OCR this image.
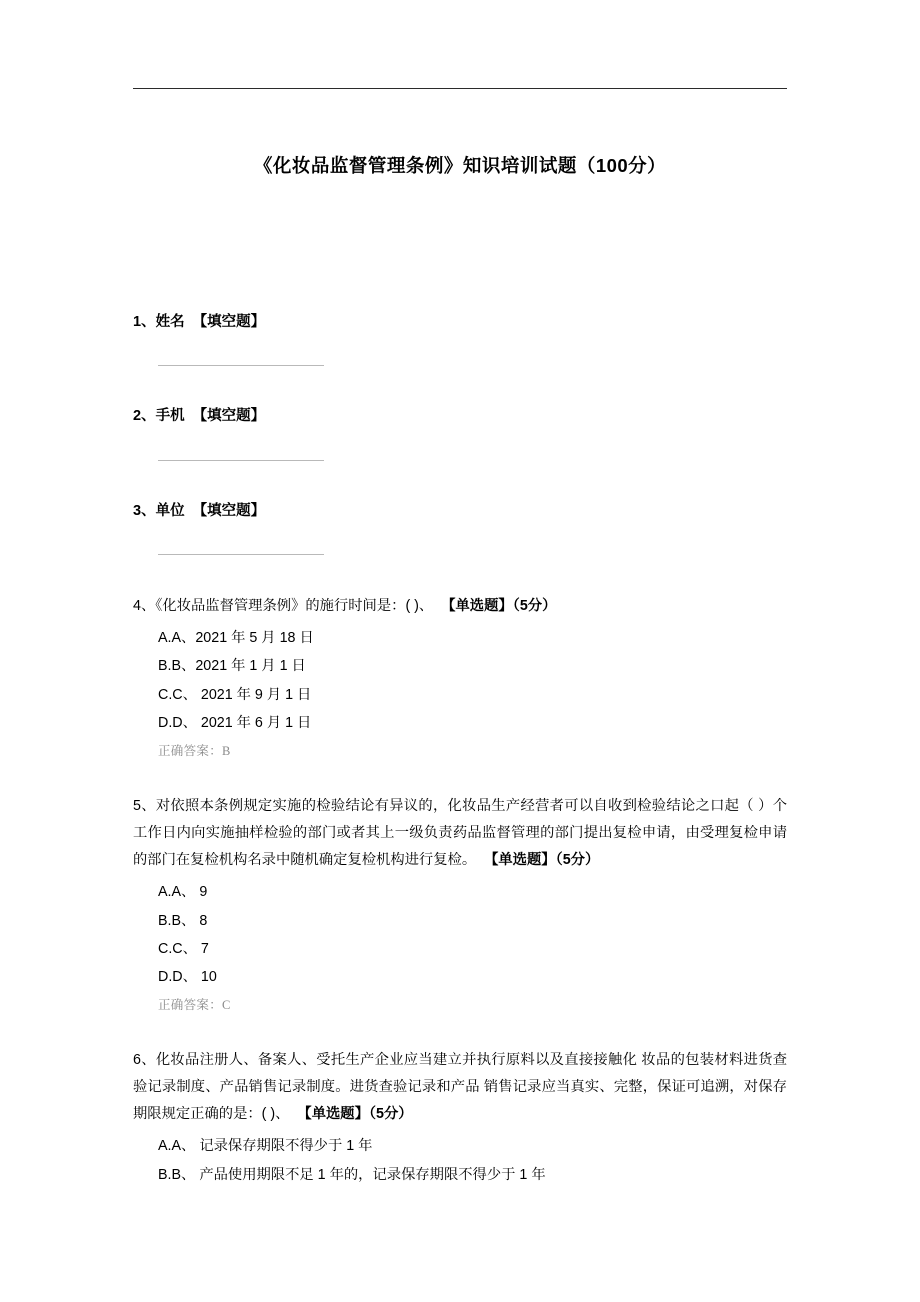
《化妆品监督管理条例》知识培训试题（100分）
1、姓名 【填空题】
2、手机 【填空题】
3、单位 【填空题】
4、《化妆品监督管理条例》的施行时间是：( )、 【单选题】（5分）
A.A、2021 年 5 月 18 日
B.B、2021 年 1 月 1 日
C.C、 2021 年 9 月 1 日
D.D、 2021 年 6 月 1 日
正确答案：B
5、对依照本条例规定实施的检验结论有异议的，化妆品生产经营者可以自收到检验结论之口起（ ）个工作日内向实施抽样检验的部门或者其上一级负责药品监督管理的部门提出复检申请，由受理复检申请的部门在复检机构名录中随机确定复检机构进行复检。 【单选题】（5分）
A.A、 9
B.B、 8
C.C、 7
D.D、 10
正确答案：C
6、化妆品注册人、备案人、受托生产企业应当建立并执行原料以及直接接触化 妆品的包装材料进货查验记录制度、产品销售记录制度。进货查验记录和产品 销售记录应当真实、完整，保证可追溯，对保存期限规定正确的是：( )、 【单选题】（5分）
A.A、 记录保存期限不得少于 1 年
B.B、 产品使用期限不足 1 年的，记录保存期限不得少于 1 年
